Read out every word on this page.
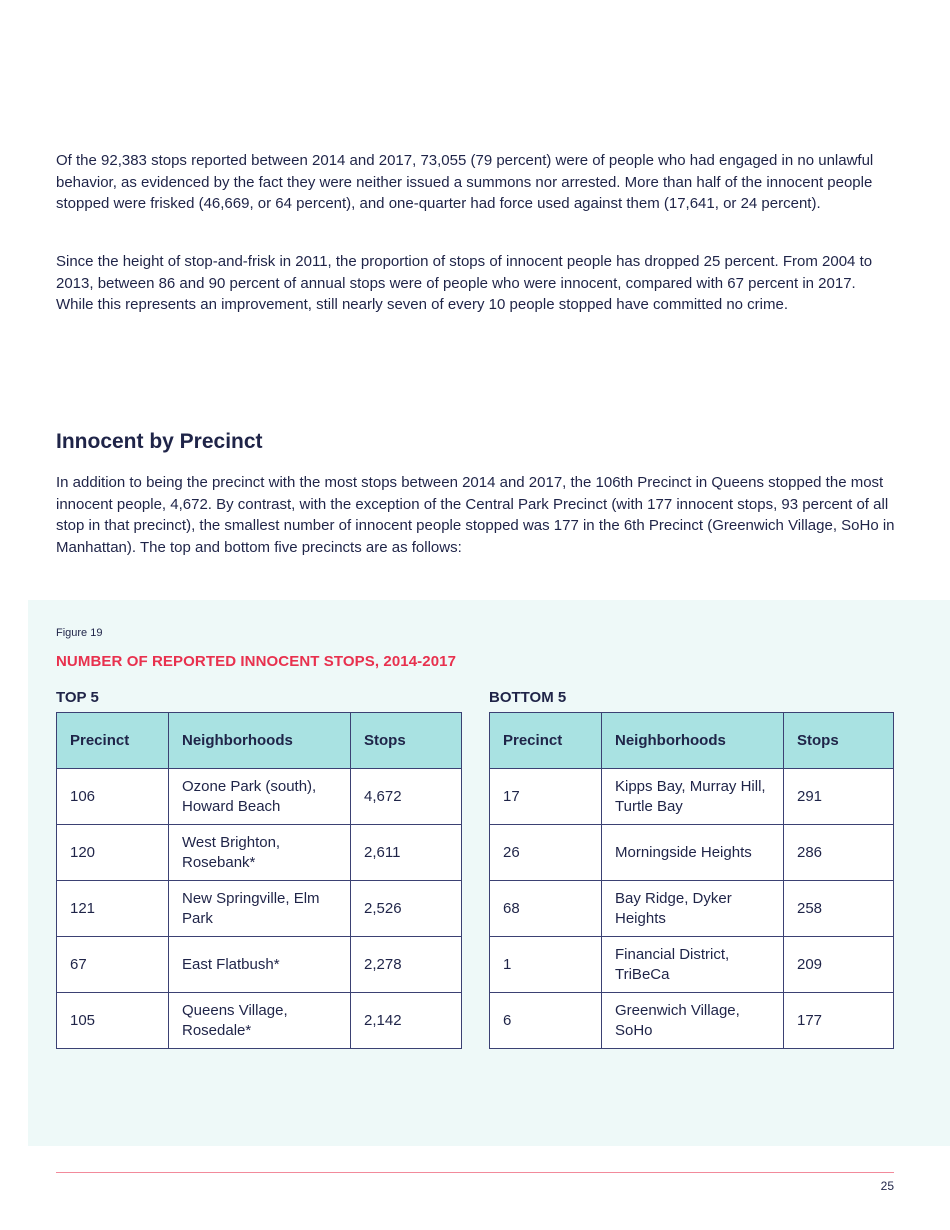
Of the 92,383 stops reported between 2014 and 2017, 73,055 (79 percent) were of people who had engaged in no unlawful behavior, as evidenced by the fact they were neither issued a summons nor arrested. More than half of the innocent people stopped were frisked (46,669, or 64 percent), and one-quarter had force used against them (17,641, or 24 percent).

Since the height of stop-and-frisk in 2011, the proportion of stops of innocent people has dropped 25 percent. From 2004 to 2013, between 86 and 90 percent of annual stops were of people who were innocent, compared with 67 percent in 2017. While this represents an improvement, still nearly seven of every 10 people stopped have committed no crime.

Innocent by Precinct

In addition to being the precinct with the most stops between 2014 and 2017, the 106th Precinct in Queens stopped the most innocent people, 4,672. By contrast, with the exception of the Central Park Precinct (with 177 innocent stops, 93 percent of all stop in that precinct), the smallest number of innocent people stopped was 177 in the 6th Precinct (Greenwich Village, SoHo in Manhattan). The top and bottom five precincts are as follows:

Figure 19
NUMBER OF REPORTED INNOCENT STOPS, 2014-2017
TOP 5
Precinct	Neighborhoods	Stops
106	Ozone Park (south), Howard Beach	4,672
120	West Brighton, Rosebank*	2,611
121	New Springville, Elm Park	2,526
67	East Flatbush*	2,278
105	Queens Village, Rosedale*	2,142
BOTTOM 5
Precinct	Neighborhoods	Stops
17	Kipps Bay, Murray Hill, Turtle Bay	291
26	Morningside Heights	286
68	Bay Ridge, Dyker Heights	258
1	Financial District, TriBeCa	209
6	Greenwich Village, SoHo	177
25
